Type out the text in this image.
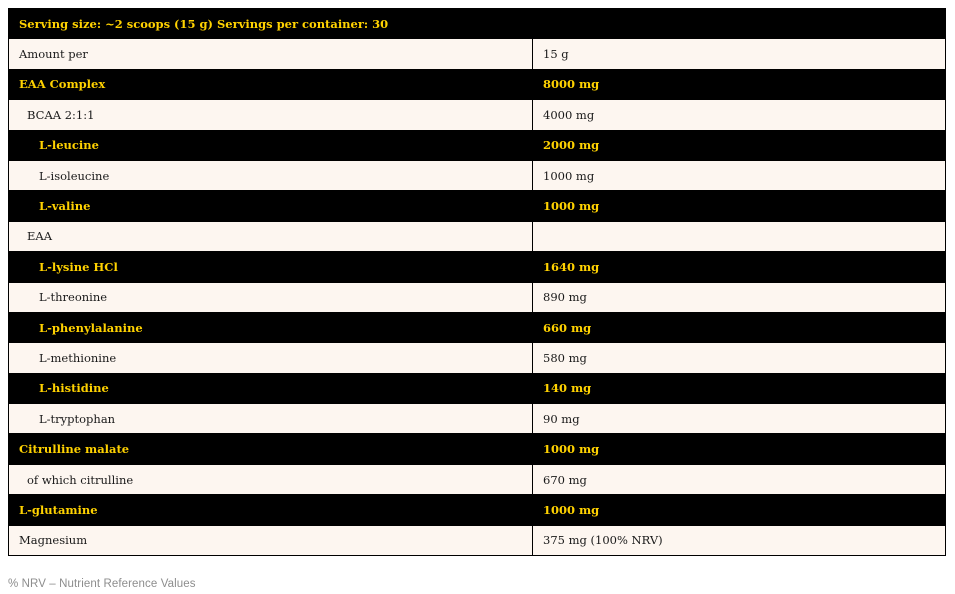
Serving size: ~2 scoops (15 g) Servings per container: 30	
Amount per	15 g
EAA Complex	8000 mg
BCAA 2:1:1	4000 mg
L-leucine	2000 mg
L-isoleucine	1000 mg
L-valine	1000 mg
EAA	
L-lysine HCl	1640 mg
L-threonine	890 mg
L-phenylalanine	660 mg
L-methionine	580 mg
L-histidine	140 mg
L-tryptophan	90 mg
Citrulline malate	1000 mg
of which citrulline	670 mg
L-glutamine	1000 mg
Magnesium	375 mg (100% NRV)
% NRV – Nutrient Reference Values
